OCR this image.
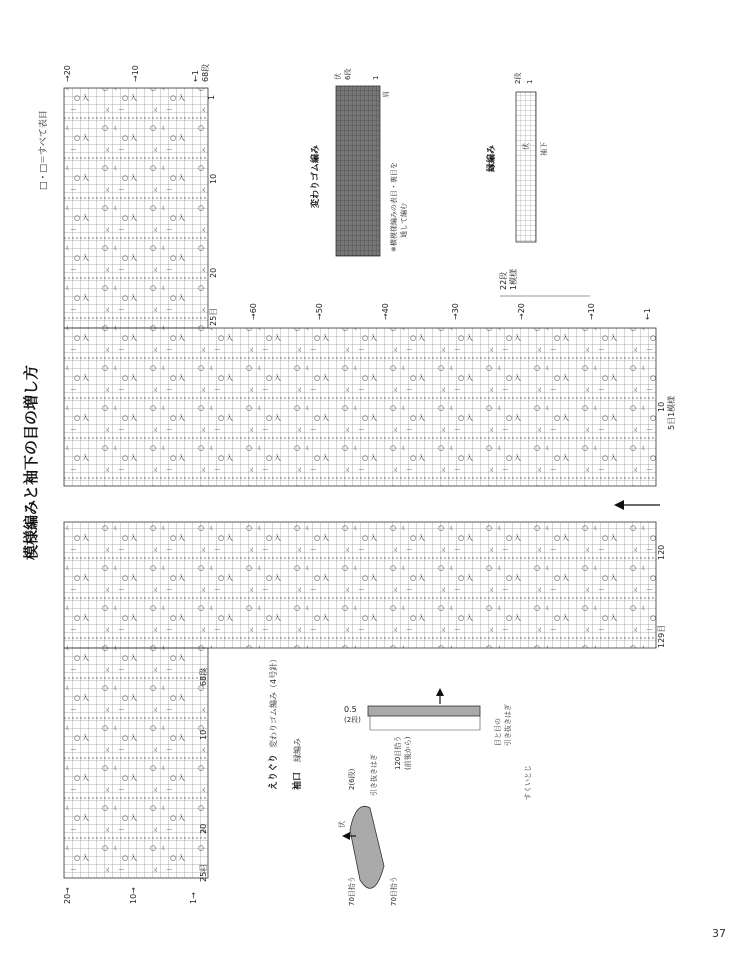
模様編みと袖下の目の増し方
□・□＝すべて表目
→20	→10	←1 68段
1
25目
20
10
→60	→50	→40	→30	→20	→10	←1
22段 1模様
10 5目1模様
120
129目
68段
10
20
25目
20→	10→	1→
変わりゴム編み	※横模様編みの表目・裏目を 通して編む
伏 6段	1
肩
縁編み
2段 1
伏 袖下
0.5
(2段)
120目拾う (前後から)
目と目の 引き抜きはぎ
すくいとじ
2(6段)
伏
70目拾う	70目拾う
引き抜きはぎ
えりぐり
変わりゴム編み（4号針）
袖口
縁編み
37
